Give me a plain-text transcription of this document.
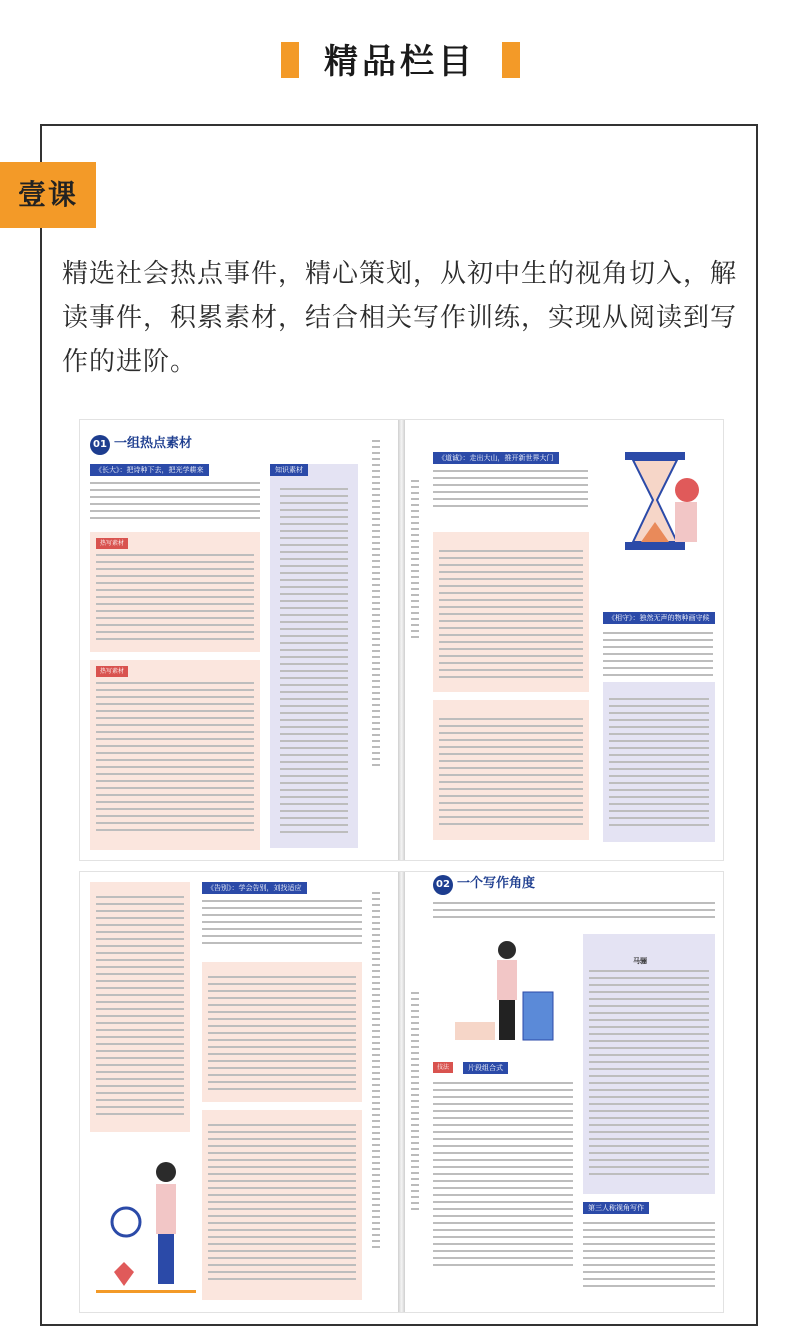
精品栏目
壹课
精选社会热点事件，精心策划，从初中生的视角切入，解读事件，积累素材，结合相关写作训练，实现从阅读到写作的进阶。
01 一组热点素材
《长大》：把诗种下去，把光学耕来
热写素材
热写素材
知识素材
《道诚》：走出大山，推开新世界大门
《相守》：独然无声的物种画守候
《告别》：学会告别，刘找适应	02 一个写作角度
技法	片段组合式
马骊
第三人称视角写作
